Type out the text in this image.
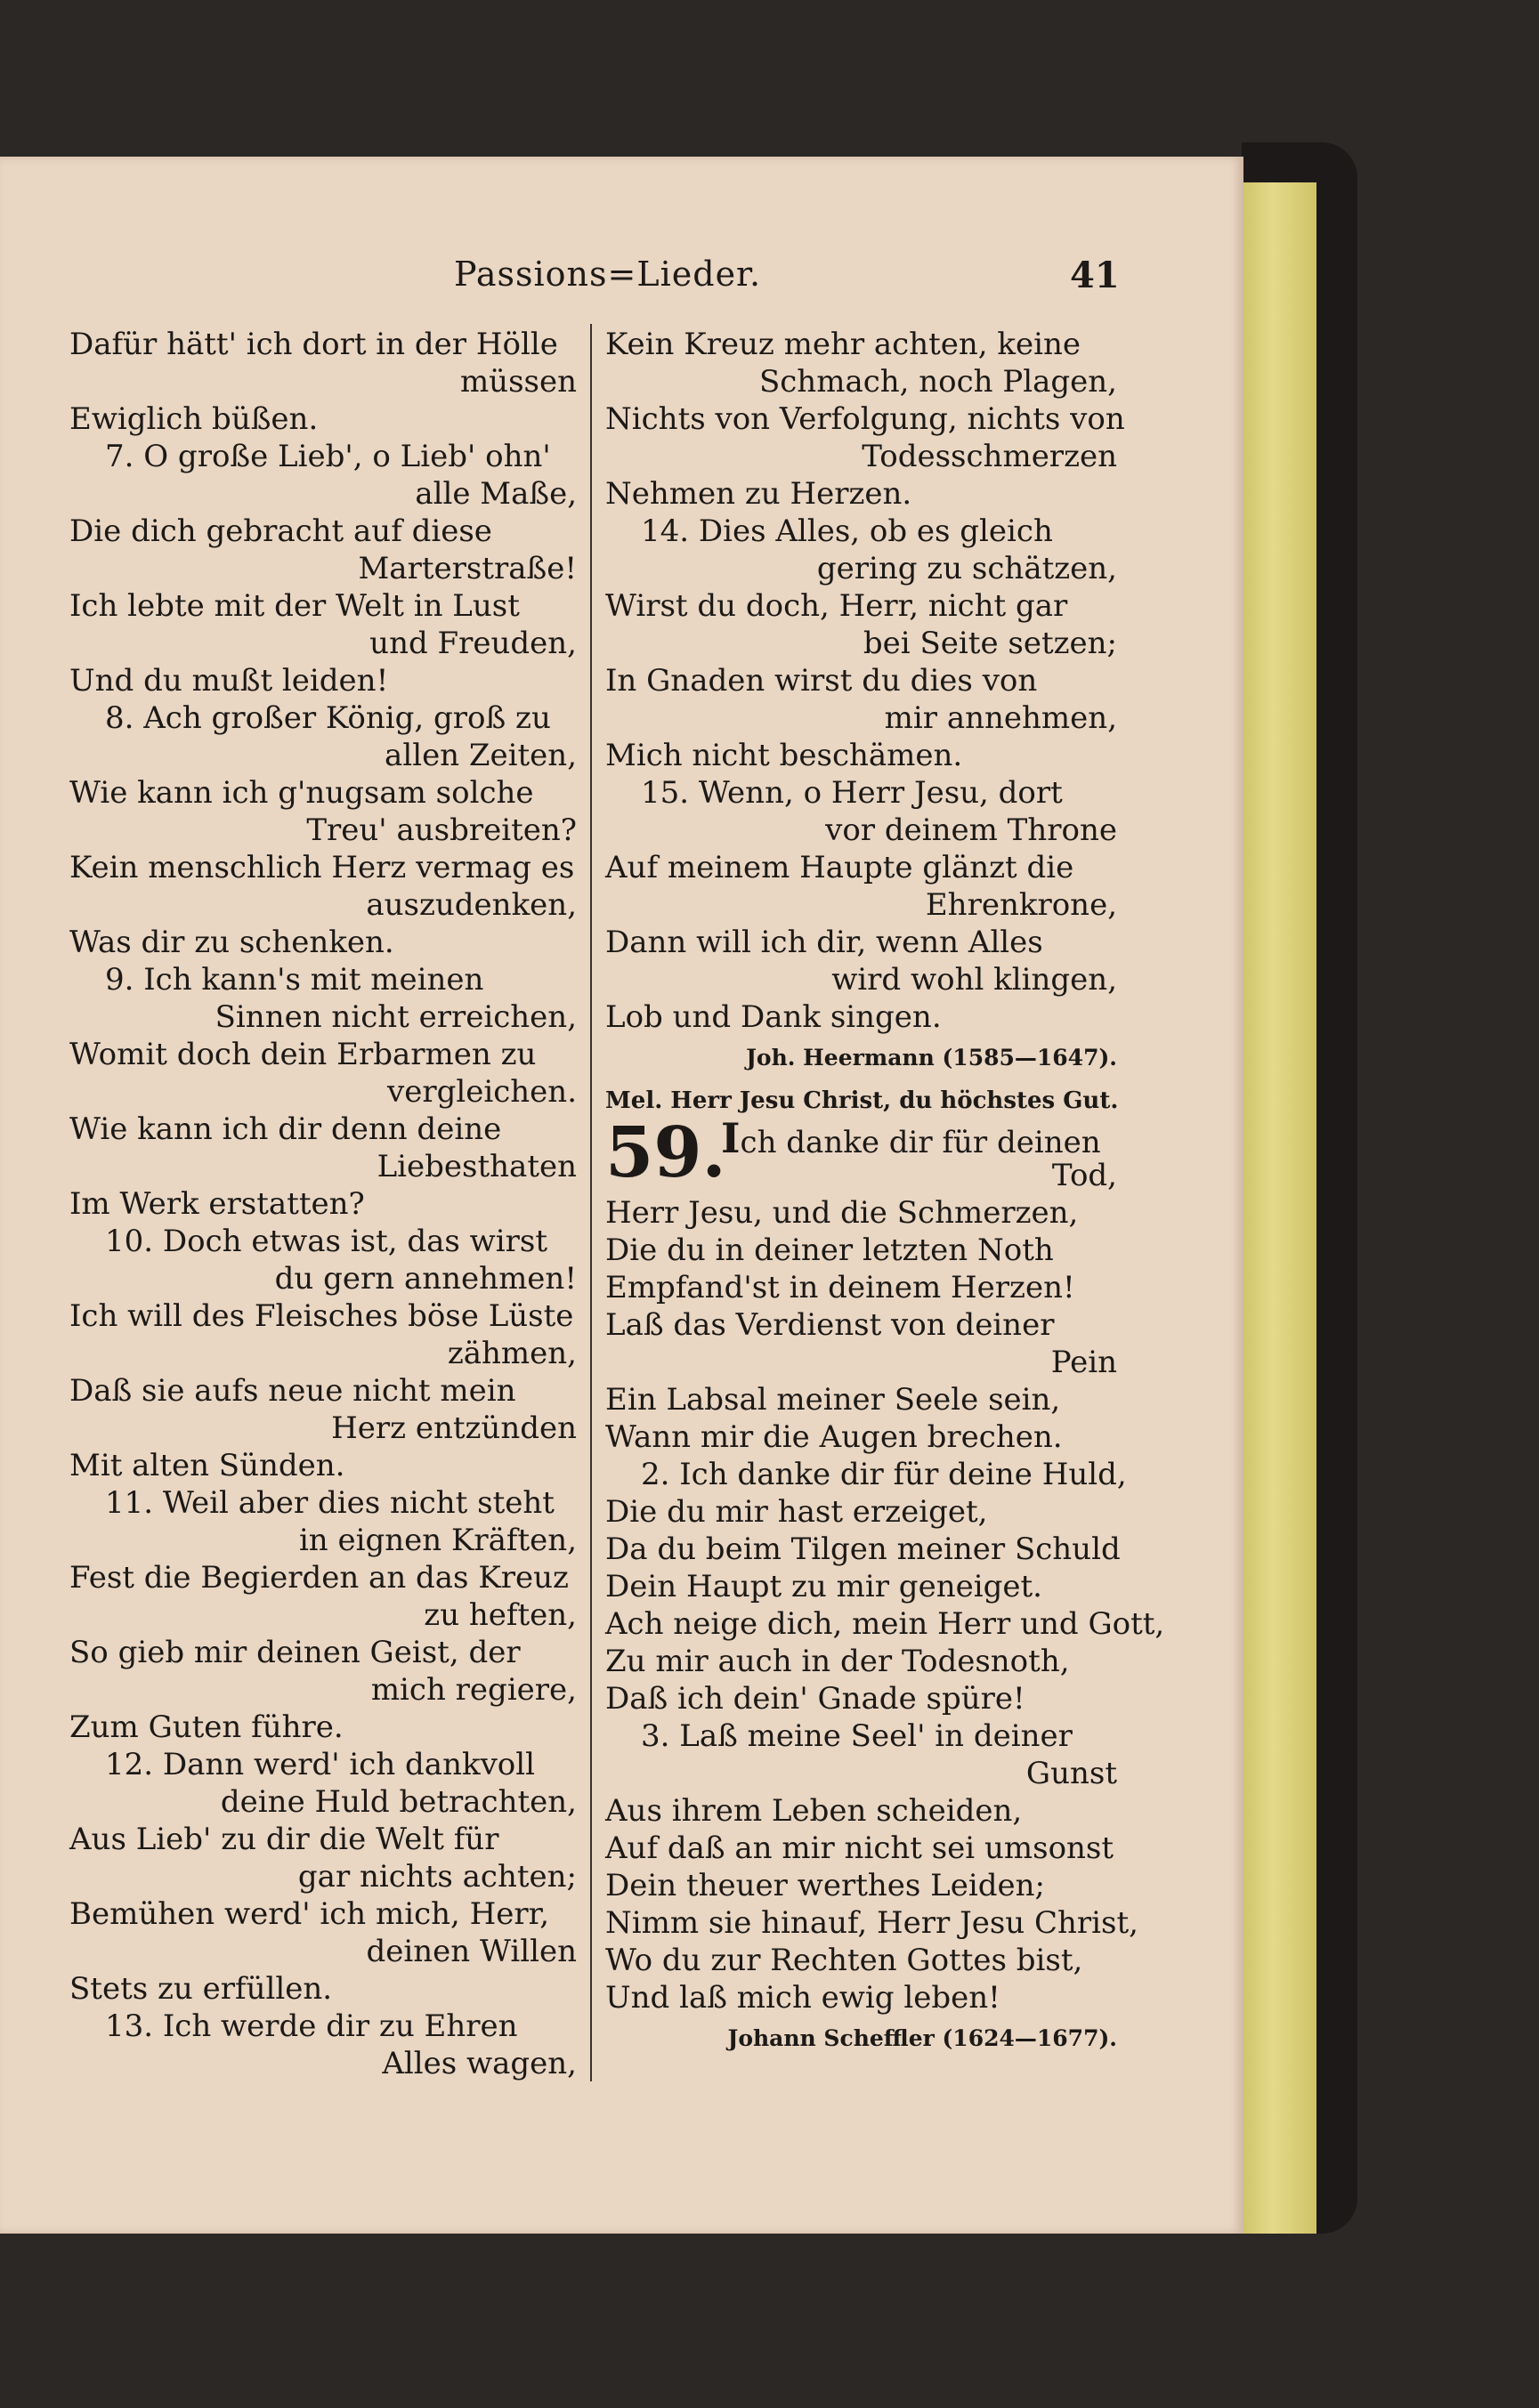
Passions=Lieder.	41
Dafür hätt' ich dort in der Hölle
müssen
Ewiglich büßen.
7. O große Lieb', o Lieb' ohn'
alle Maße,
Die dich gebracht auf diese
Marterstraße!
Ich lebte mit der Welt in Lust
und Freuden,
Und du mußt leiden!
8. Ach großer König, groß zu
allen Zeiten,
Wie kann ich g'nugsam solche
Treu' ausbreiten?
Kein menschlich Herz vermag es
auszudenken,
Was dir zu schenken.
9. Ich kann's mit meinen
Sinnen nicht erreichen,
Womit doch dein Erbarmen zu
vergleichen.
Wie kann ich dir denn deine
Liebesthaten
Im Werk erstatten?
10. Doch etwas ist, das wirst
du gern annehmen!
Ich will des Fleisches böse Lüste
zähmen,
Daß sie aufs neue nicht mein
Herz entzünden
Mit alten Sünden.
11. Weil aber dies nicht steht
in eignen Kräften,
Fest die Begierden an das Kreuz
zu heften,
So gieb mir deinen Geist, der
mich regiere,
Zum Guten führe.
12. Dann werd' ich dankvoll
deine Huld betrachten,
Aus Lieb' zu dir die Welt für
gar nichts achten;
Bemühen werd' ich mich, Herr,
deinen Willen
Stets zu erfüllen.
13. Ich werde dir zu Ehren
Alles wagen,
Kein Kreuz mehr achten, keine
Schmach, noch Plagen,
Nichts von Verfolgung, nichts von
Todesschmerzen
Nehmen zu Herzen.
14. Dies Alles, ob es gleich
gering zu schätzen,
Wirst du doch, Herr, nicht gar
bei Seite setzen;
In Gnaden wirst du dies von
mir annehmen,
Mich nicht beschämen.
15. Wenn, o Herr Jesu, dort
vor deinem Throne
Auf meinem Haupte glänzt die
Ehrenkrone,
Dann will ich dir, wenn Alles
wird wohl klingen,
Lob und Dank singen.
Joh. Heermann (1585—1647).
Mel. Herr Jesu Christ, du höchstes Gut.
59.
Ich danke dir für deinen
Tod,
Herr Jesu, und die Schmerzen,
Die du in deiner letzten Noth
Empfand'st in deinem Herzen!
Laß das Verdienst von deiner
Pein
Ein Labsal meiner Seele sein,
Wann mir die Augen brechen.
2. Ich danke dir für deine Huld,
Die du mir hast erzeiget,
Da du beim Tilgen meiner Schuld
Dein Haupt zu mir geneiget.
Ach neige dich, mein Herr und Gott,
Zu mir auch in der Todesnoth,
Daß ich dein' Gnade spüre!
3. Laß meine Seel' in deiner
Gunst
Aus ihrem Leben scheiden,
Auf daß an mir nicht sei umsonst
Dein theuer werthes Leiden;
Nimm sie hinauf, Herr Jesu Christ,
Wo du zur Rechten Gottes bist,
Und laß mich ewig leben!
Johann Scheffler (1624—1677).
